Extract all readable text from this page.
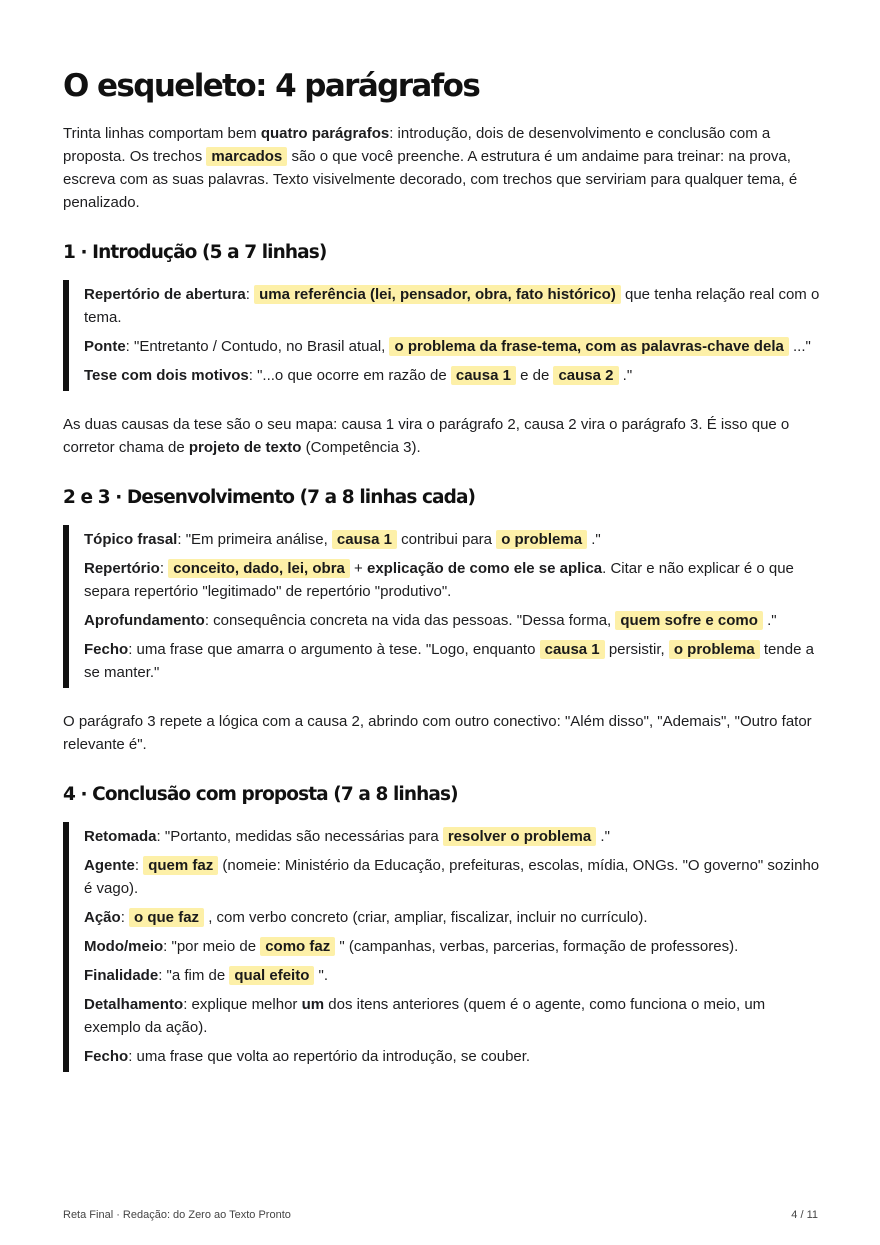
O esqueleto: 4 parágrafos

Trinta linhas comportam bem quatro parágrafos: introdução, dois de desenvolvimento e conclusão com a proposta. Os trechos marcados são o que você preenche. A estrutura é um andaime para treinar: na prova, escreva com as suas palavras. Texto visivelmente decorado, com trechos que serviriam para qualquer tema, é penalizado.

1 · Introdução (5 a 7 linhas)

Repertório de abertura: uma referência (lei, pensador, obra, fato histórico) que tenha relação real com o tema.

Ponte: "Entretanto / Contudo, no Brasil atual, o problema da frase-tema, com as palavras-chave dela ..."

Tese com dois motivos: "...o que ocorre em razão de causa 1 e de causa 2 ."

As duas causas da tese são o seu mapa: causa 1 vira o parágrafo 2, causa 2 vira o parágrafo 3. É isso que o corretor chama de projeto de texto (Competência 3).

2 e 3 · Desenvolvimento (7 a 8 linhas cada)

Tópico frasal: "Em primeira análise, causa 1 contribui para o problema ."

Repertório: conceito, dado, lei, obra + explicação de como ele se aplica. Citar e não explicar é o que separa repertório "legitimado" de repertório "produtivo".

Aprofundamento: consequência concreta na vida das pessoas. "Dessa forma, quem sofre e como ."

Fecho: uma frase que amarra o argumento à tese. "Logo, enquanto causa 1 persistir, o problema tende a se manter."

O parágrafo 3 repete a lógica com a causa 2, abrindo com outro conectivo: "Além disso", "Ademais", "Outro fator relevante é".

4 · Conclusão com proposta (7 a 8 linhas)

Retomada: "Portanto, medidas são necessárias para resolver o problema ."

Agente: quem faz (nomeie: Ministério da Educação, prefeituras, escolas, mídia, ONGs. "O governo" sozinho é vago).

Ação: o que faz , com verbo concreto (criar, ampliar, fiscalizar, incluir no currículo).

Modo/meio: "por meio de como faz " (campanhas, verbas, parcerias, formação de professores).

Finalidade: "a fim de qual efeito ".

Detalhamento: explique melhor um dos itens anteriores (quem é o agente, como funciona o meio, um exemplo da ação).

Fecho: uma frase que volta ao repertório da introdução, se couber.

Reta Final · Redação: do Zero ao Texto Pronto	4 / 11
